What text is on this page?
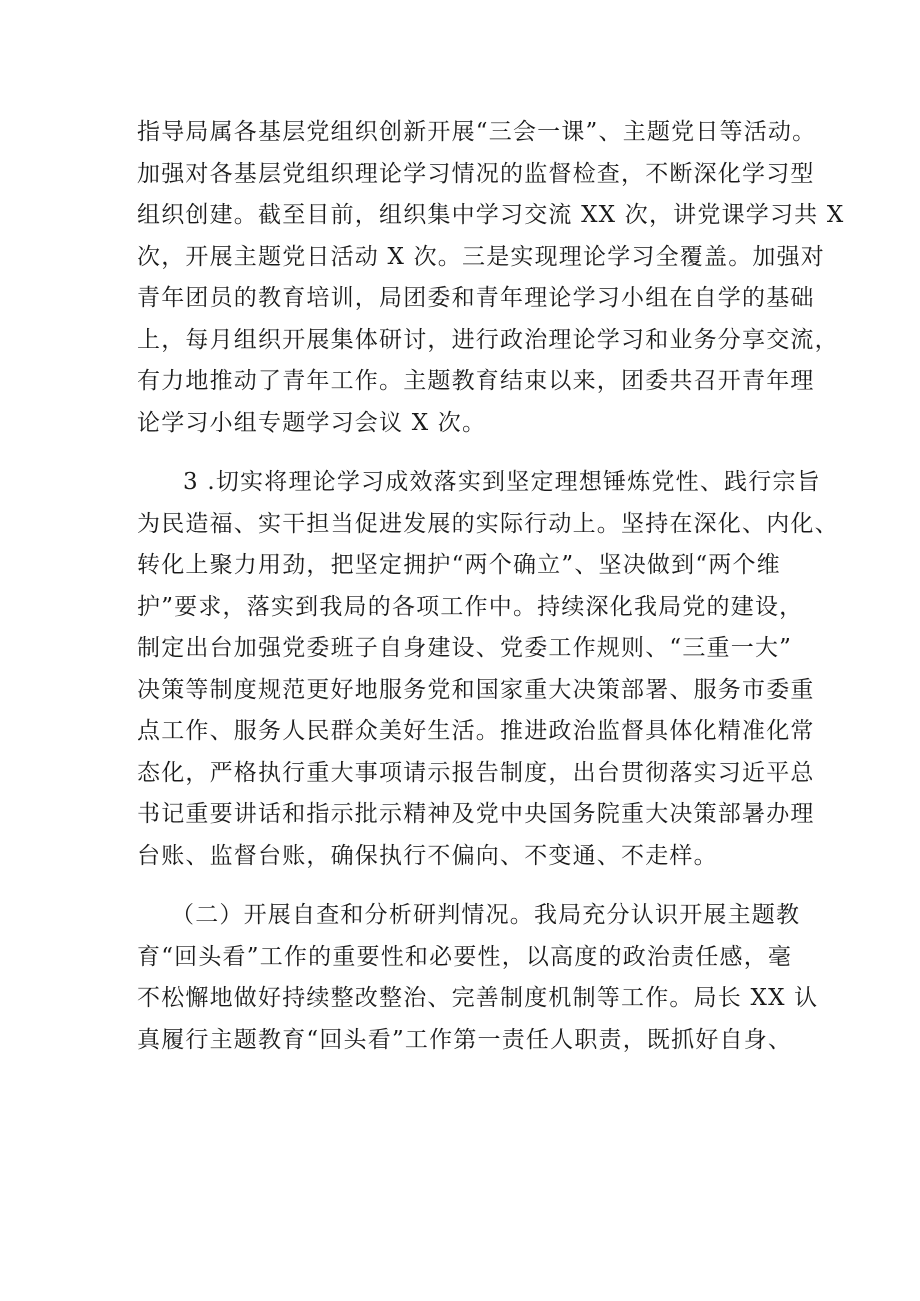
指导局属各基层党组织创新开展“三会一课”、主题党日等活动。
加强对各基层党组织理论学习情况的监督检查，不断深化学习型
组织创建。截至目前，组织集中学习交流 XX 次，讲党课学习共 X
次，开展主题党日活动 X 次。三是实现理论学习全覆盖。加强对
青年团员的教育培训，局团委和青年理论学习小组在自学的基础
上，每月组织开展集体研讨，进行政治理论学习和业务分享交流，
有力地推动了青年工作。主题教育结束以来，团委共召开青年理
论学习小组专题学习会议 X 次。
3 .切实将理论学习成效落实到坚定理想锤炼党性、践行宗旨
为民造福、实干担当促进发展的实际行动上。坚持在深化、内化、
转化上聚力用劲，把坚定拥护“两个确立”、坚决做到“两个维
护”要求，落实到我局的各项工作中。持续深化我局党的建设，
制定出台加强党委班子自身建设、党委工作规则、“三重一大”
决策等制度规范更好地服务党和国家重大决策部署、服务市委重
点工作、服务人民群众美好生活。推进政治监督具体化精准化常
态化，严格执行重大事项请示报告制度，出台贯彻落实习近平总
书记重要讲话和指示批示精神及党中央国务院重大决策部暑办理
台账、监督台账，确保执行不偏向、不变通、不走样。
（二）开展自查和分析研判情况。我局充分认识开展主题教
育“回头看”工作的重要性和必要性，以高度的政治责任感，毫
不松懈地做好持续整改整治、完善制度机制等工作。局长 XX 认
真履行主题教育“回头看”工作第一责任人职责，既抓好自身、
